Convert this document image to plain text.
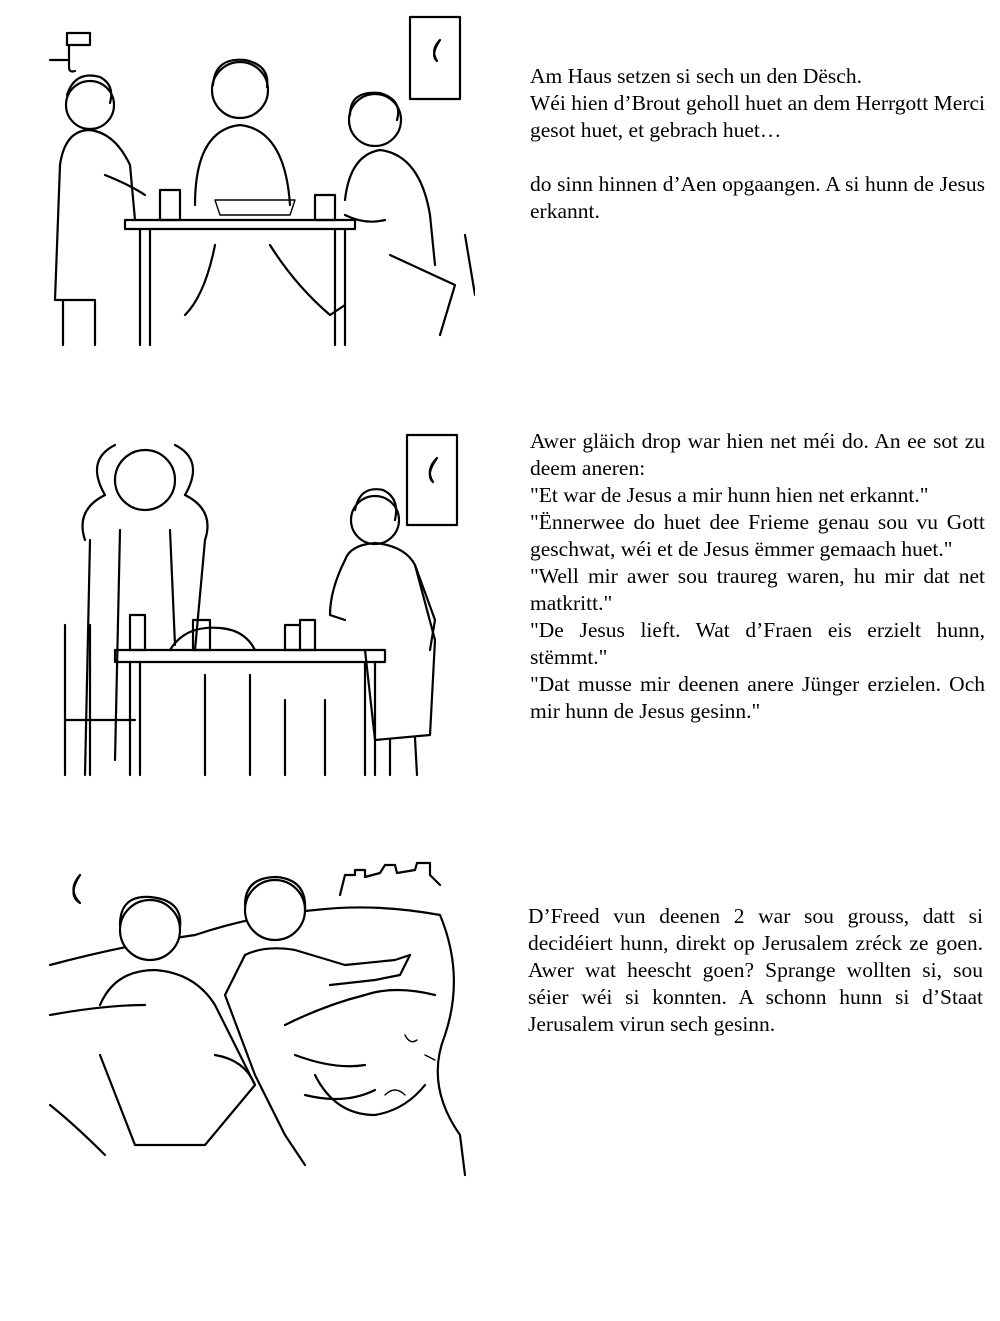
Am Haus setzen si sech un den Dësch.

Wéi hien d’Brout geholl huet an dem Herrgott Merci gesot huet, et gebrach huet…

do sinn hinnen d’Aen opgaangen. A si hunn de Jesus erkannt.

Awer gläich drop war hien net méi do. An ee sot zu deem aneren:

"Et war de Jesus a mir hunn hien net erkannt."

"Ënnerwee do huet dee Frieme genau sou vu Gott geschwat, wéi et de Jesus ëmmer gemaach huet."

"Well mir awer sou traureg waren, hu mir dat net matkritt."

"De Jesus lieft. Wat d’Fraen eis erzielt hunn, stëmmt."

"Dat musse mir deenen anere Jünger erzielen. Och mir hunn de Jesus gesinn."

D’Freed vun deenen 2 war sou grouss, datt si decidéiert hunn, direkt op Jerusalem zréck ze goen. Awer wat heescht goen? Sprange wollten si, sou séier wéi si konnten. A schonn hunn si d’Staat Jerusalem virun sech gesinn.
